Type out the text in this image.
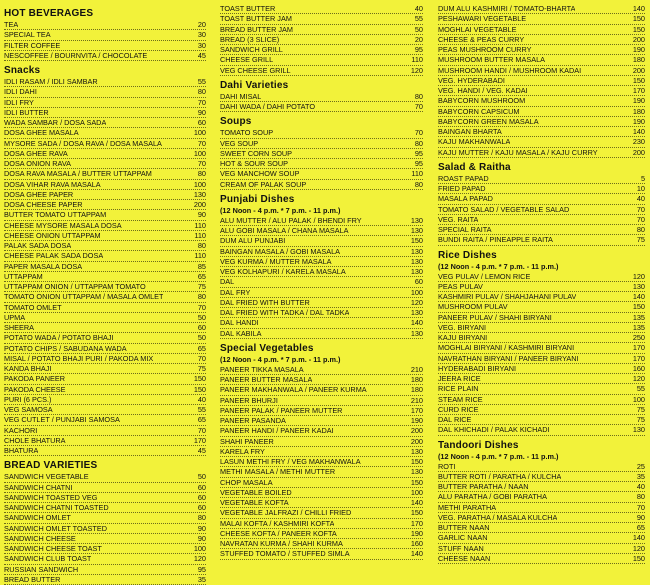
HOT BEVERAGES
TEA	20
SPECIAL TEA	30
FILTER COFFEE	30
NESCOFFEE / BOURNVITA / CHOCOLATE	45
Snacks
IDLI RASAM / IDLI SAMBAR	55
IDLI DAHI	80
IDLI FRY	70
IDLI BUTTER	90
WADA SAMBAR / DOSA SADA	60
DOSA GHEE MASALA	100
MYSORE SADA / DOSA RAVA / DOSA MASALA	70
DOSA GHEE RAVA	100
DOSA ONION RAVA	70
DOSA RAVA MASALA / BUTTER UTTAPPAM	80
DOSA VIHAR RAVA MASALA	100
DOSA GHEE PAPER	130
DOSA CHEESE PAPER	200
BUTTER TOMATO UTTAPPAM	90
CHEESE MYSORE MASALA DOSA	110
CHEESE ONION UTTAPPAM	110
PALAK SADA DOSA	80
CHEESE PALAK SADA DOSA	110
PAPER MASALA DOSA	85
UTTAPPAM	65
UTTAPPAM ONION / UTTAPPAM TOMATO	75
TOMATO ONION UTTAPPAM / MASALA OMLET	80
TOMATO OMLET	70
UPMA	50
SHEERA	60
POTATO WADA / POTATO BHAJI	50
POTATO CHIPS / SABUDANA WADA	65
MISAL / POTATO BHAJI PURI / PAKODA MIX	70
KANDA BHAJI	75
PAKODA PANEER	150
PAKODA CHEESE	150
PURI (6 PCS.)	40
VEG SAMOSA	55
VEG CUTLET / PUNJABI SAMOSA	65
KACHORI	70
CHOLE BHATURA	170
BHATURA	45
BREAD VARIETIES
SANDWICH VEGETABLE	50
SANDWICH CHATNI	60
SANDWICH TOASTED VEG	60
SANDWICH CHATNI TOASTED	60
SANDWICH OMLET	80
SANDWICH OMLET TOASTED	90
SANDWICH CHEESE	90
SANDWICH CHEESE TOAST	100
SANDWICH CLUB TOAST	120
RUSSIAN SANDWICH	95
BREAD BUTTER	35
TOAST BUTTER	40
TOAST BUTTER JAM	55
BREAD BUTTER JAM	50
BREAD (3 SLICE)	20
SANDWICH GRILL	95
CHEESE GRILL	110
VEG CHEESE GRILL	120
Dahi Varieties
DAHI MISAL	80
DAHI WADA / DAHI POTATO	70
Soups
TOMATO SOUP	70
VEG SOUP	80
SWEET CORN SOUP	95
HOT & SOUR SOUP	95
VEG MANCHOW SOUP	110
CREAM OF PALAK SOUP	80
Punjabi Dishes
(12 Noon - 4 p.m. * 7 p.m. - 11 p.m.)
ALU MUTTER / ALU PALAK / BHENDI FRY	130
ALU GOBI MASALA / CHANA MASALA	130
DUM ALU PUNJABI	150
BAINGAN MASALA / GOBI MASALA	130
VEG KURMA / MUTTER MASALA	130
VEG KOLHAPURI / KARELA MASALA	130
DAL	60
DAL FRY	100
DAL FRIED WITH BUTTER	120
DAL FRIED WITH TADKA / DAL TADKA	130
DAL HANDI	140
DAL KABILA	130
Special Vegetables
(12 Noon - 4 p.m. * 7 p.m. - 11 p.m.)
PANEER TIKKA MASALA	210
PANEER BUTTER MASALA	180
PANEER MAKHANWALA / PANEER KURMA	180
PANEER BHURJI	210
PANEER PALAK / PANEER MUTTER	170
PANEER PASANDA	190
PANEER HANDI / PANEER KADAI	200
SHAHI PANEER	200
KARELA FRY	130
LASUN METHI FRY / VEG MAKHANWALA	150
METHI MASALA / METHI MUTTER	130
CHOP MASALA	150
VEGETABLE BOILED	100
VEGETABLE KOFTA	140
VEGETABLE JALFRAZI / CHILLI FRIED	150
MALAI KOFTA / KASHMIRI KOFTA	170
CHEESE KOFTA / PANEER KOFTA	190
NAVRATAN KURMA / SHAHI KURMA	160
STUFFED TOMATO / STUFFED SIMLA	140
DUM ALU KASHMIRI / TOMATO-BHARTA	140
PESHAWARI VEGETABLE	150
MOGHLAI VEGETABLE	150
CHEESE & PEAS CURRY	200
PEAS MUSHROOM CURRY	190
MUSHROOM BUTTER MASALA	180
MUSHROOM HANDI / MUSHROOM KADAI	200
VEG. HYDERABADI	150
VEG. HANDI / VEG. KADAI	170
BABYCORN MUSHROOM	190
BABYCORN CAPSICUM	180
BABYCORN GREEN MASALA	190
BAINGAN BHARTA	140
KAJU MAKHANWALA	230
KAJU MUTTER / KAJU MASALA / KAJU CURRY	200
Salad & Raitha
ROAST PAPAD	5
FRIED PAPAD	10
MASALA PAPAD	40
TOMATO SALAD / VEGETABLE SALAD	70
VEG. RAITA	70
SPECIAL RAITA	80
BUNDI RAITA / PINEAPPLE RAITA	75
Rice Dishes
(12 Noon - 4 p.m. * 7 p.m. - 11 p.m.)
VEG PULAV / LEMON RICE	120
PEAS PULAV	130
KASHMIRI PULAV / SHAHJAHANI PULAV	140
MUSHROOM PULAV	150
PANEER PULAV / SHAHI BIRYANI	135
VEG. BIRYANI	135
KAJU BIRYANI	250
MOGHLAI BIRYANI / KASHMIRI BIRYANI	170
NAVRATHAN BIRYANI / PANEER BIRYANI	170
HYDERABADI BIRYANI	160
JEERA RICE	120
RICE PLAIN	55
STEAM RICE	100
CURD RICE	75
DAL RICE	75
DAL KHICHADI / PALAK KICHADI	130
Tandoori Dishes
(12 Noon - 4 p.m. * 7 p.m. - 11 p.m.)
ROTI	25
BUTTER ROTI / PARATHA / KULCHA	35
BUTTER PARATHA / NAAN	40
ALU PARATHA / GOBI PARATHA	80
METHI PARATHA	70
VEG. PARATHA / MASALA KULCHA	90
BUTTER NAAN	65
GARLIC NAAN	140
STUFF NAAN	120
CHEESE NAAN	150
